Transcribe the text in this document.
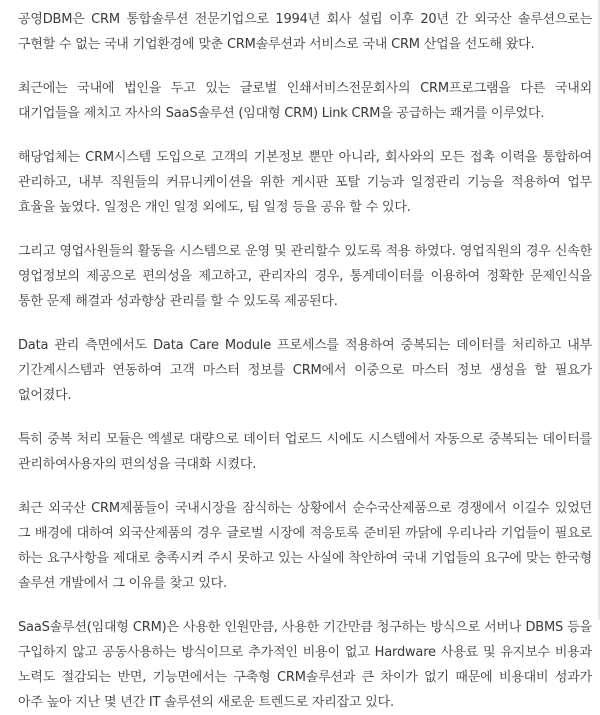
공영DBM은 CRM 통합솔루션 전문기업으로 1994년 회사 설립 이후 20년 간 외국산 솔루션으로는 구현할 수 없는 국내 기업환경에 맞춘 CRM솔루션과 서비스로 국내 CRM 산업을 선도해 왔다.

최근에는 국내에 법인을 두고 있는 글로벌 인쇄서비스전문회사의 CRM프로그램을 다른 국내외 대기업들을 제치고 자사의 SaaS솔루션 (임대형 CRM) Link CRM을 공급하는 쾌거를 이루었다.

해당업체는 CRM시스템 도입으로 고객의 기본정보 뿐만 아니라, 회사와의 모든 접촉 이력을 통합하여 관리하고, 내부 직원들의 커뮤니케이션을 위한 게시판 포탈 기능과 일정관리 기능을 적용하여 업무 효율을 높였다. 일정은 개인 일정 외에도, 팀 일정 등을 공유 할 수 있다.

그리고 영업사원들의 활동을 시스템으로 운영 및 관리할수 있도록 적용 하였다. 영업직원의 경우 신속한 영업정보의 제공으로 편의성을 제고하고, 관리자의 경우, 통계데이터를 이용하여 정확한 문제인식을 통한 문제 해결과 성과향상 관리를 할 수 있도록 제공된다.

Data 관리 측면에서도 Data Care Module 프로세스를 적용하여 중복되는 데이터를 처리하고 내부 기간계시스템과 연동하여 고객 마스터 정보를 CRM에서 이중으로 마스터 정보 생성을 할 필요가 없어졌다.

특히 중복 처리 모듈은 엑셀로 대량으로 데이터 업로드 시에도 시스템에서 자동으로 중복되는 데이터를 관리하여사용자의 편의성을 극대화 시켰다.

최근 외국산 CRM제품들이 국내시장을 잠식하는 상황에서 순수국산제품으로 경쟁에서 이길수 있었던 그 배경에 대하여 외국산제품의 경우 글로벌 시장에 적응토록 준비된 까닭에 우리나라 기업들이 필요로 하는 요구사항을 제대로 충족시켜 주시 못하고 있는 사실에 착안하여 국내 기업들의 요구에 맞는 한국형 솔루션 개발에서 그 이유를 찾고 있다.

SaaS솔루션(임대형 CRM)은 사용한 인원만큼, 사용한 기간만큼 청구하는 방식으로 서버나 DBMS 등을 구입하지 않고 공동사용하는 방식이므로 추가적인 비용이 없고 Hardware 사용료 및 유지보수 비용과 노력도 절감되는 반면, 기능면에서는 구축형 CRM솔루션과 큰 차이가 없기 때문에 비용대비 성과가 아주 높아 지난 몇 년간 IT 솔루션의 새로운 트렌드로 자리잡고 있다.
